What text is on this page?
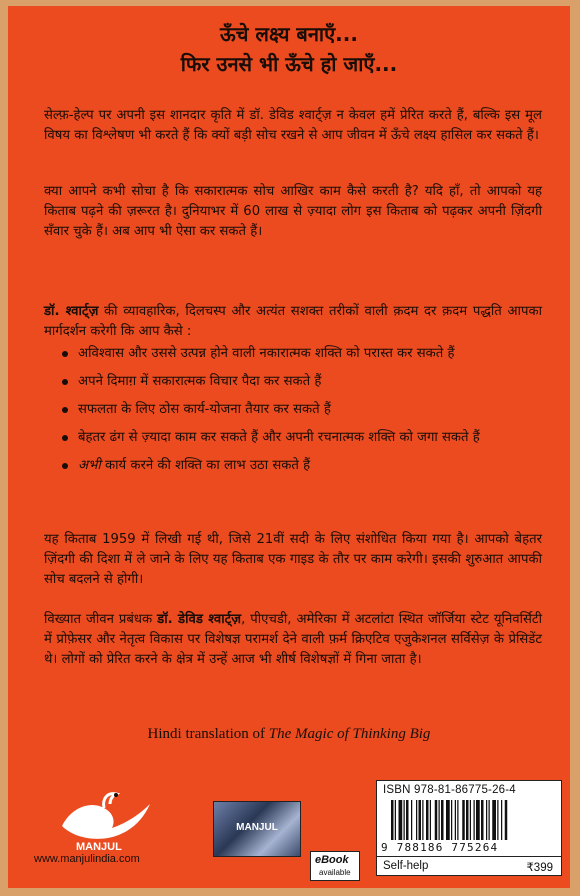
ऊँचे लक्ष्य बनाएँ...
फिर उनसे भी ऊँचे हो जाएँ...

सेल्फ़-हेल्प पर अपनी इस शानदार कृति में डॉ. डेविड श्वार्ट्ज़ न केवल हमें प्रेरित करते हैं, बल्कि इस मूल विषय का विश्लेषण भी करते हैं कि क्यों बड़ी सोच रखने से आप जीवन में ऊँचे लक्ष्य हासिल कर सकते हैं।

क्या आपने कभी सोचा है कि सकारात्मक सोच आखिर काम कैसे करती है? यदि हाँ, तो आपको यह किताब पढ़ने की ज़रूरत है। दुनियाभर में 60 लाख से ज़्यादा लोग इस किताब को पढ़कर अपनी ज़िंदगी सँवार चुके हैं। अब आप भी ऐसा कर सकते हैं।

डॉ. श्वार्ट्ज़ की व्यावहारिक, दिलचस्प और अत्यंत सशक्त तरीकों वाली क़दम दर क़दम पद्धति आपका मार्गदर्शन करेगी कि आप कैसे :

अविश्वास और उससे उत्पन्न होने वाली नकारात्मक शक्ति को परास्त कर सकते हैं
अपने दिमाग़ में सकारात्मक विचार पैदा कर सकते हैं
सफलता के लिए ठोस कार्य-योजना तैयार कर सकते हैं
बेहतर ढंग से ज़्यादा काम कर सकते हैं और अपनी रचनात्मक शक्ति को जगा सकते हैं
अभी कार्य करने की शक्ति का लाभ उठा सकते हैं

यह किताब 1959 में लिखी गई थी, जिसे 21वीं सदी के लिए संशोधित किया गया है। आपको बेहतर ज़िंदगी की दिशा में ले जाने के लिए यह किताब एक गाइड के तौर पर काम करेगी। इसकी शुरुआत आपकी सोच बदलने से होगी।

विख्यात जीवन प्रबंधक डॉ. डेविड श्वार्ट्ज़, पीएचडी, अमेरिका में अटलांटा स्थित जॉर्जिया स्टेट यूनिवर्सिटी में प्रोफ़ेसर और नेतृत्व विकास पर विशेषज्ञ परामर्श देने वाली फ़र्म क्रिएटिव एजुकेशनल सर्विसेज़ के प्रेसिडेंट थे। लोगों को प्रेरित करने के क्षेत्र में उन्हें आज भी शीर्ष विशेषज्ञों में गिना जाता है।

Hindi translation of The Magic of Thinking Big
MANJUL
www.manjulindia.com
MANJUL
eBook
available
ISBN 978-81-86775-26-4
9 788186 775264
Self-help	₹399
